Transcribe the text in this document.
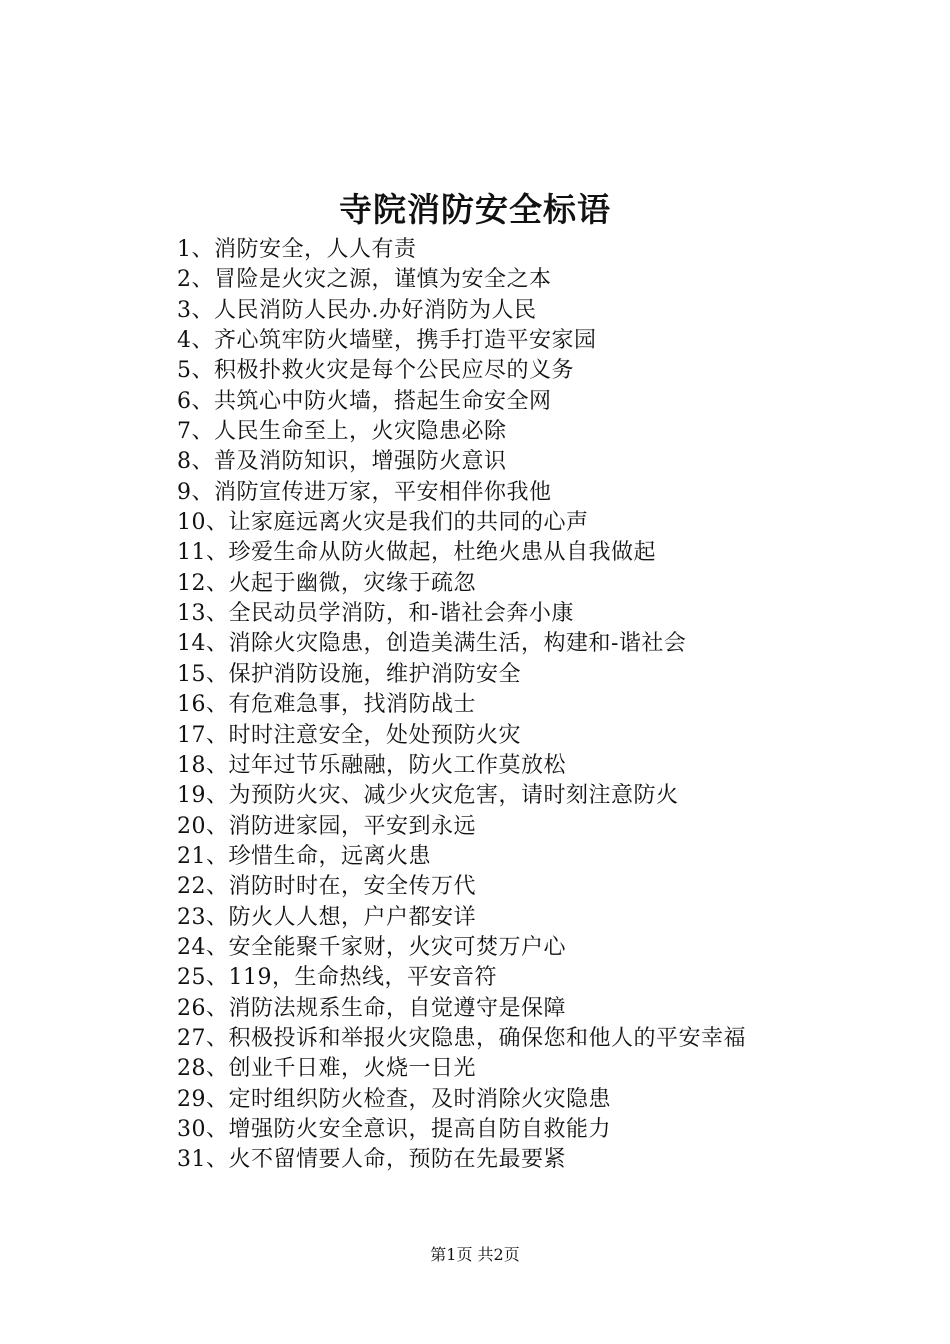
寺院消防安全标语
1、消防安全，人人有责
2、冒险是火灾之源，谨慎为安全之本
3、人民消防人民办.办好消防为人民
4、齐心筑牢防火墙壁，携手打造平安家园
5、积极扑救火灾是每个公民应尽的义务
6、共筑心中防火墙，搭起生命安全网
7、人民生命至上，火灾隐患必除
8、普及消防知识，增强防火意识
9、消防宣传进万家，平安相伴你我他
10、让家庭远离火灾是我们的共同的心声
11、珍爱生命从防火做起，杜绝火患从自我做起
12、火起于幽微，灾缘于疏忽
13、全民动员学消防，和-谐社会奔小康
14、消除火灾隐患，创造美满生活，构建和-谐社会
15、保护消防设施，维护消防安全
16、有危难急事，找消防战士
17、时时注意安全，处处预防火灾
18、过年过节乐融融，防火工作莫放松
19、为预防火灾、减少火灾危害，请时刻注意防火
20、消防进家园，平安到永远
21、珍惜生命，远离火患
22、消防时时在，安全传万代
23、防火人人想，户户都安详
24、安全能聚千家财，火灾可焚万户心
25、119，生命热线，平安音符
26、消防法规系生命，自觉遵守是保障
27、积极投诉和举报火灾隐患，确保您和他人的平安幸福
28、创业千日难，火烧一日光
29、定时组织防火检查，及时消除火灾隐患
30、增强防火安全意识，提高自防自救能力
31、火不留情要人命，预防在先最要紧
第1页 共2页
